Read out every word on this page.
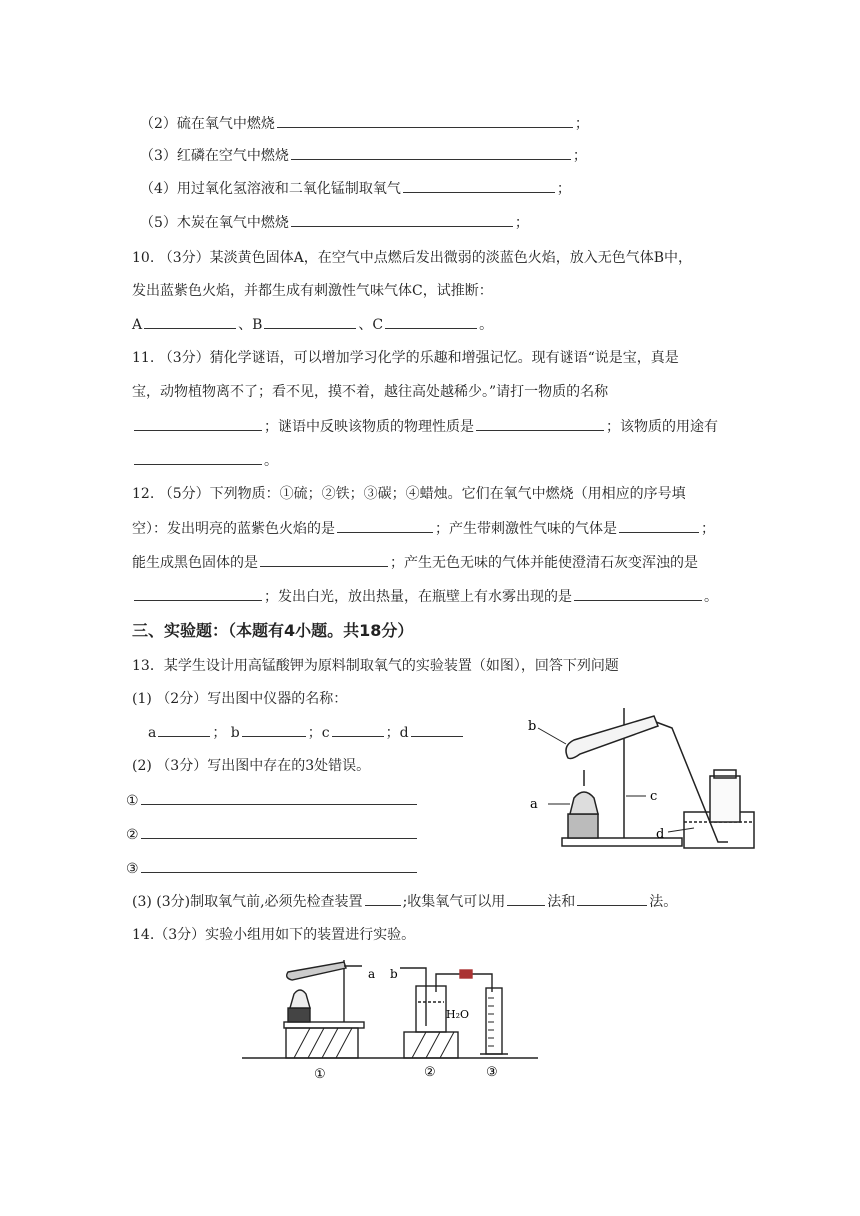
（2）硫在氧气中燃烧	；
（3）红磷在空气中燃烧	；
（4）用过氧化氢溶液和二氧化锰制取氧气	；
（5）木炭在氧气中燃烧	；
10. （3分）某淡黄色固体A，在空气中点燃后发出微弱的淡蓝色火焰，放入无色气体B中，
发出蓝紫色火焰，并都生成有刺激性气味气体C，试推断：
A	、B	、C	。
11. （3分）猜化学谜语，可以增加学习化学的乐趣和增强记忆。现有谜语“说是宝，真是
宝，动物植物离不了；看不见，摸不着，越往高处越稀少。”请打一物质的名称
；谜语中反映该物质的物理性质是	；该物质的用途有
。
12. （5分）下列物质：①硫；②铁；③碳；④蜡烛。它们在氧气中燃烧（用相应的序号填
空）：发出明亮的蓝紫色火焰的是	；产生带刺激性气味的气体是	；
能生成黑色固体的是	；产生无色无味的气体并能使澄清石灰变浑浊的是
；发出白光，放出热量，在瓶壁上有水雾出现的是	。
三、实验题：（本题有4小题。共18分）
13．某学生设计用高锰酸钾为原料制取氧气的实验装置（如图），回答下列问题
(1) （2分）写出图中仪器的名称：
a	； b	；c	；d
(2) （3分）写出图中存在的3处错误。
①
②
③
(3) (3分)制取氧气前,必须先检查装置	;收集氧气可以用	法和	法。
b
a
c
d
14.（3分）实验小组用如下的装置进行实验。
a b
H₂O
①	②	③
